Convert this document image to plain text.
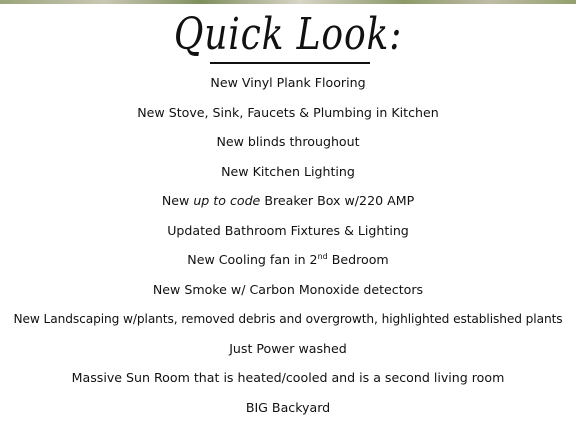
Quick Look:
New Vinyl Plank Flooring
New Stove, Sink, Faucets & Plumbing in Kitchen
New blinds throughout
New Kitchen Lighting
New up to code Breaker Box w/220 AMP
Updated Bathroom Fixtures & Lighting
New Cooling fan in 2nd Bedroom
New Smoke w/ Carbon Monoxide detectors
New Landscaping w/plants, removed debris and overgrowth, highlighted established plants
Just Power washed
Massive Sun Room that is heated/cooled and is a second living room
BIG Backyard
